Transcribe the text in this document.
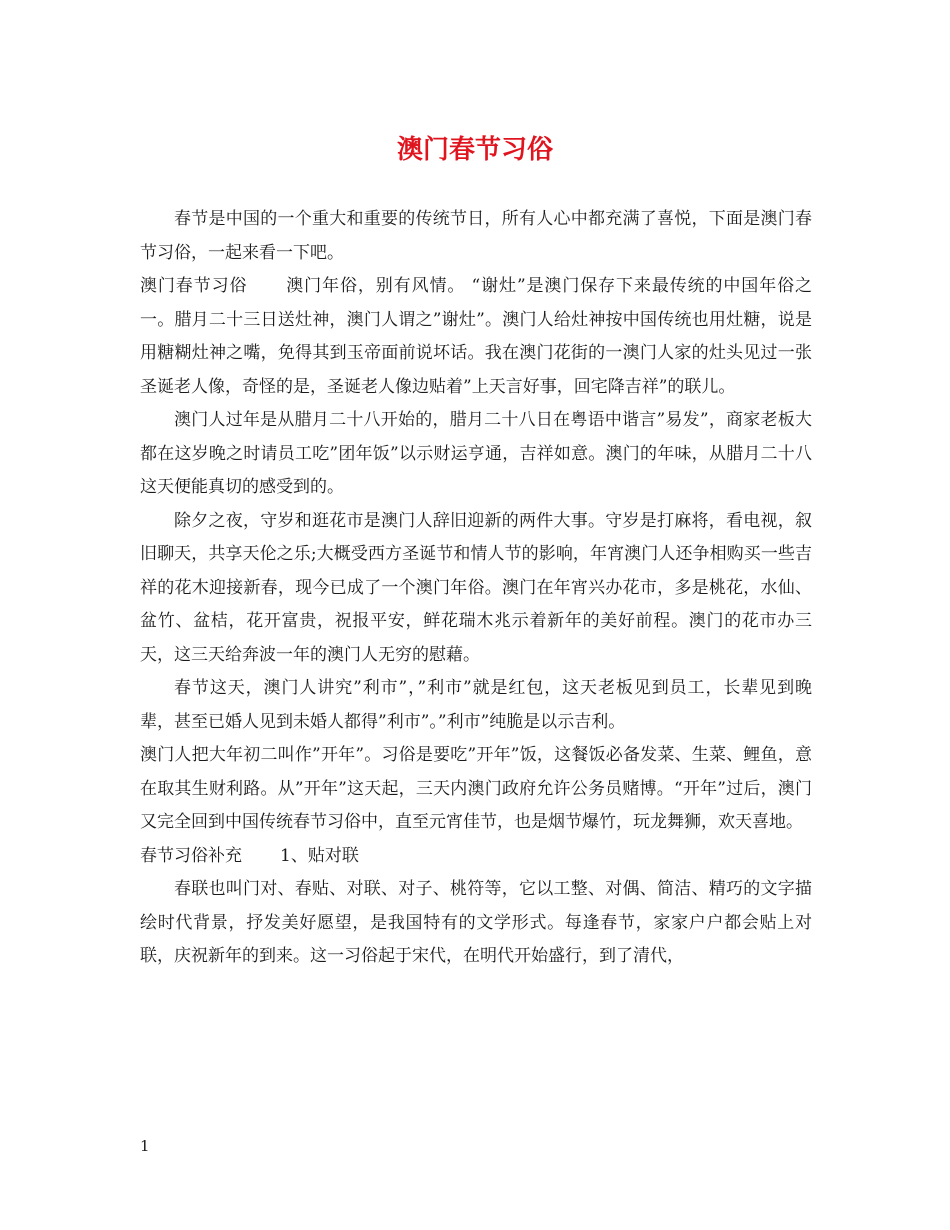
澳门春节习俗

春节是中国的一个重大和重要的传统节日，所有人心中都充满了喜悦，下面是澳门春节习俗，一起来看一下吧。

澳门春节习俗 澳门年俗，别有风情。 “谢灶”是澳门保存下来最传统的中国年俗之一。腊月二十三日送灶神，澳门人谓之”谢灶”。澳门人给灶神按中国传统也用灶糖，说是用糖糊灶神之嘴，免得其到玉帝面前说坏话。我在澳门花街的一澳门人家的灶头见过一张圣诞老人像，奇怪的是，圣诞老人像边贴着”上天言好事，回宅降吉祥”的联儿。

澳门人过年是从腊月二十八开始的，腊月二十八日在粤语中谐言”易发”，商家老板大都在这岁晚之时请员工吃”团年饭”以示财运亨通，吉祥如意。澳门的年味，从腊月二十八这天便能真切的感受到的。

除夕之夜，守岁和逛花市是澳门人辞旧迎新的两件大事。守岁是打麻将，看电视，叙旧聊天，共享天伦之乐;大概受西方圣诞节和情人节的影响，年宵澳门人还争相购买一些吉祥的花木迎接新春，现今已成了一个澳门年俗。澳门在年宵兴办花市，多是桃花，水仙、盆竹、盆桔，花开富贵，祝报平安，鲜花瑞木兆示着新年的美好前程。澳门的花市办三天，这三天给奔波一年的澳门人无穷的慰藉。

春节这天，澳门人讲究”利市”，”利市”就是红包，这天老板见到员工，长辈见到晚辈，甚至已婚人见到未婚人都得”利市”。”利市”纯脆是以示吉利。

澳门人把大年初二叫作”开年”。习俗是要吃”开年”饭，这餐饭必备发菜、生菜、鲤鱼，意在取其生财利路。从”开年”这天起，三天内澳门政府允许公务员赌博。“开年”过后，澳门又完全回到中国传统春节习俗中，直至元宵佳节，也是烟节爆竹，玩龙舞狮，欢天喜地。

春节习俗补充 1、贴对联

春联也叫门对、春贴、对联、对子、桃符等，它以工整、对偶、简洁、精巧的文字描绘时代背景，抒发美好愿望，是我国特有的文学形式。每逢春节，家家户户都会贴上对联，庆祝新年的到来。这一习俗起于宋代，在明代开始盛行，到了清代，

1
